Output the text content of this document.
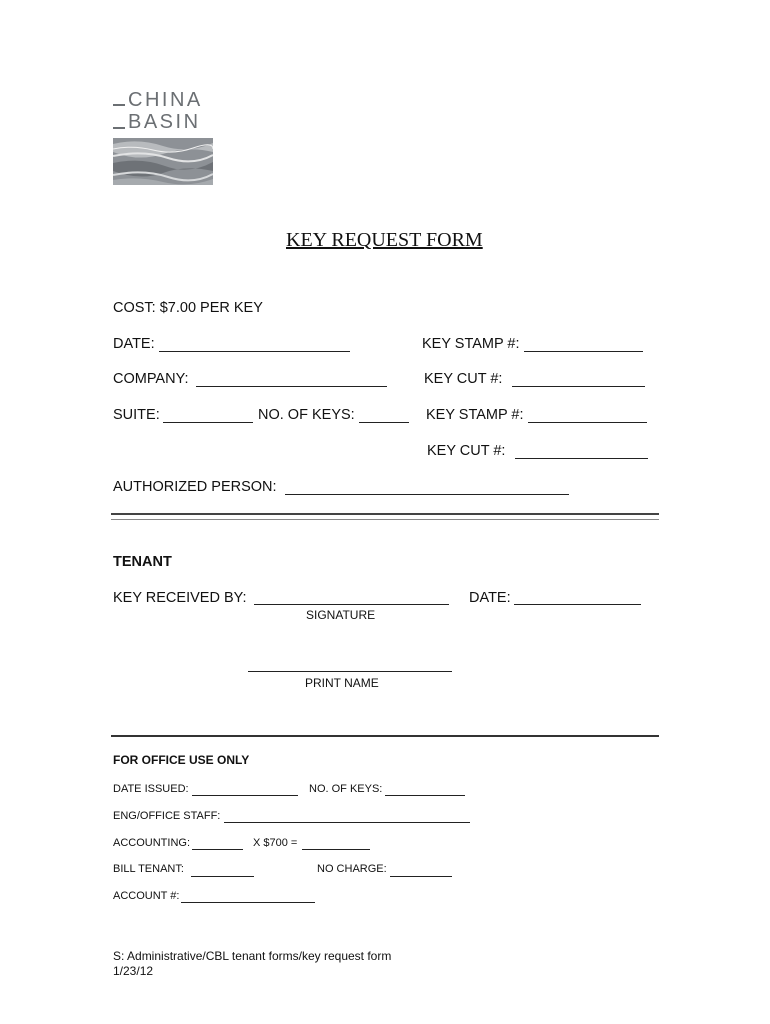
CHINA
BASIN
KEY REQUEST FORM
COST: $7.00 PER KEY
DATE:	KEY STAMP #:
COMPANY:	KEY CUT #:
SUITE:	NO. OF KEYS:	KEY STAMP #:
KEY CUT #:
AUTHORIZED PERSON:
TENANT
KEY RECEIVED BY:	DATE:
SIGNATURE
PRINT NAME
FOR OFFICE USE ONLY
DATE ISSUED:	NO. OF KEYS:
ENG/OFFICE STAFF:
ACCOUNTING:	X $700 =
BILL TENANT:	NO CHARGE:
ACCOUNT #:
S: Administrative/CBL tenant forms/key request form
1/23/12
